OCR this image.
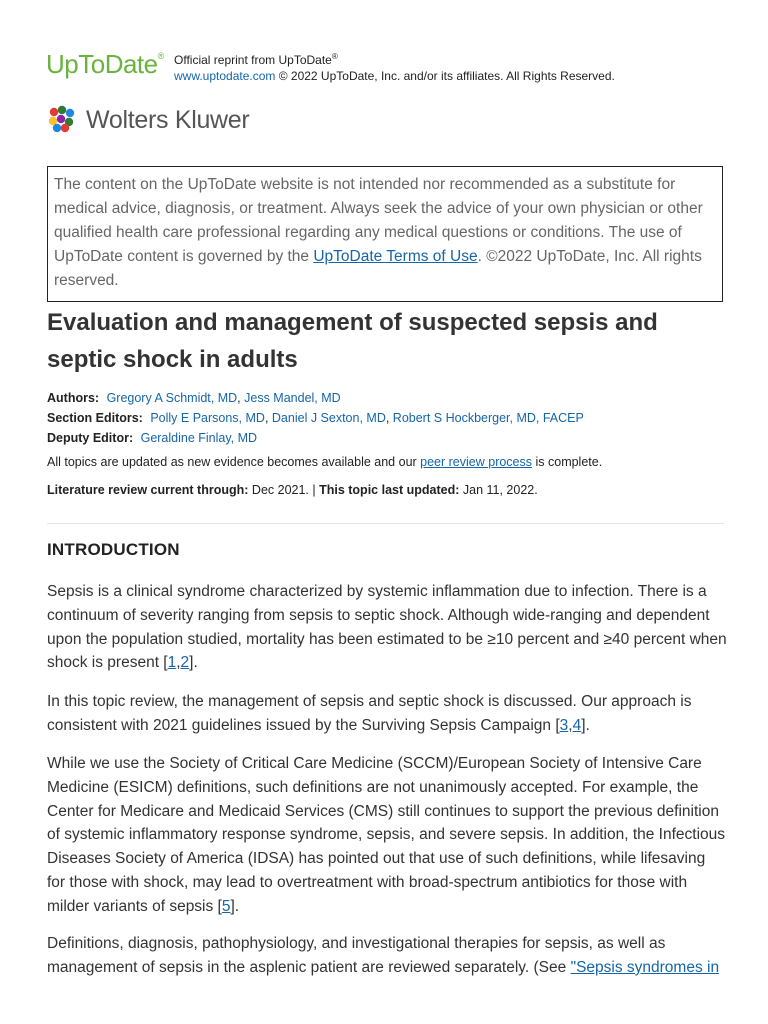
UpToDate® Official reprint from UpToDate®
www.uptodate.com © 2022 UpToDate, Inc. and/or its affiliates. All Rights Reserved.
Wolters Kluwer
The content on the UpToDate website is not intended nor recommended as a substitute for medical advice, diagnosis, or treatment. Always seek the advice of your own physician or other qualified health care professional regarding any medical questions or conditions. The use of UpToDate content is governed by the UpToDate Terms of Use. ©2022 UpToDate, Inc. All rights reserved.
Evaluation and management of suspected sepsis and septic shock in adults
Authors: Gregory A Schmidt, MD, Jess Mandel, MD
Section Editors: Polly E Parsons, MD, Daniel J Sexton, MD, Robert S Hockberger, MD, FACEP
Deputy Editor: Geraldine Finlay, MD
All topics are updated as new evidence becomes available and our peer review process is complete.
Literature review current through: Dec 2021. | This topic last updated: Jan 11, 2022.
INTRODUCTION

Sepsis is a clinical syndrome characterized by systemic inflammation due to infection. There is a continuum of severity ranging from sepsis to septic shock. Although wide-ranging and dependent upon the population studied, mortality has been estimated to be ≥10 percent and ≥40 percent when shock is present [1,2].

In this topic review, the management of sepsis and septic shock is discussed. Our approach is consistent with 2021 guidelines issued by the Surviving Sepsis Campaign [3,4].

While we use the Society of Critical Care Medicine (SCCM)/European Society of Intensive Care Medicine (ESICM) definitions, such definitions are not unanimously accepted. For example, the Center for Medicare and Medicaid Services (CMS) still continues to support the previous definition of systemic inflammatory response syndrome, sepsis, and severe sepsis. In addition, the Infectious Diseases Society of America (IDSA) has pointed out that use of such definitions, while lifesaving for those with shock, may lead to overtreatment with broad-spectrum antibiotics for those with milder variants of sepsis [5].

Definitions, diagnosis, pathophysiology, and investigational therapies for sepsis, as well as management of sepsis in the asplenic patient are reviewed separately. (See "Sepsis syndromes in
